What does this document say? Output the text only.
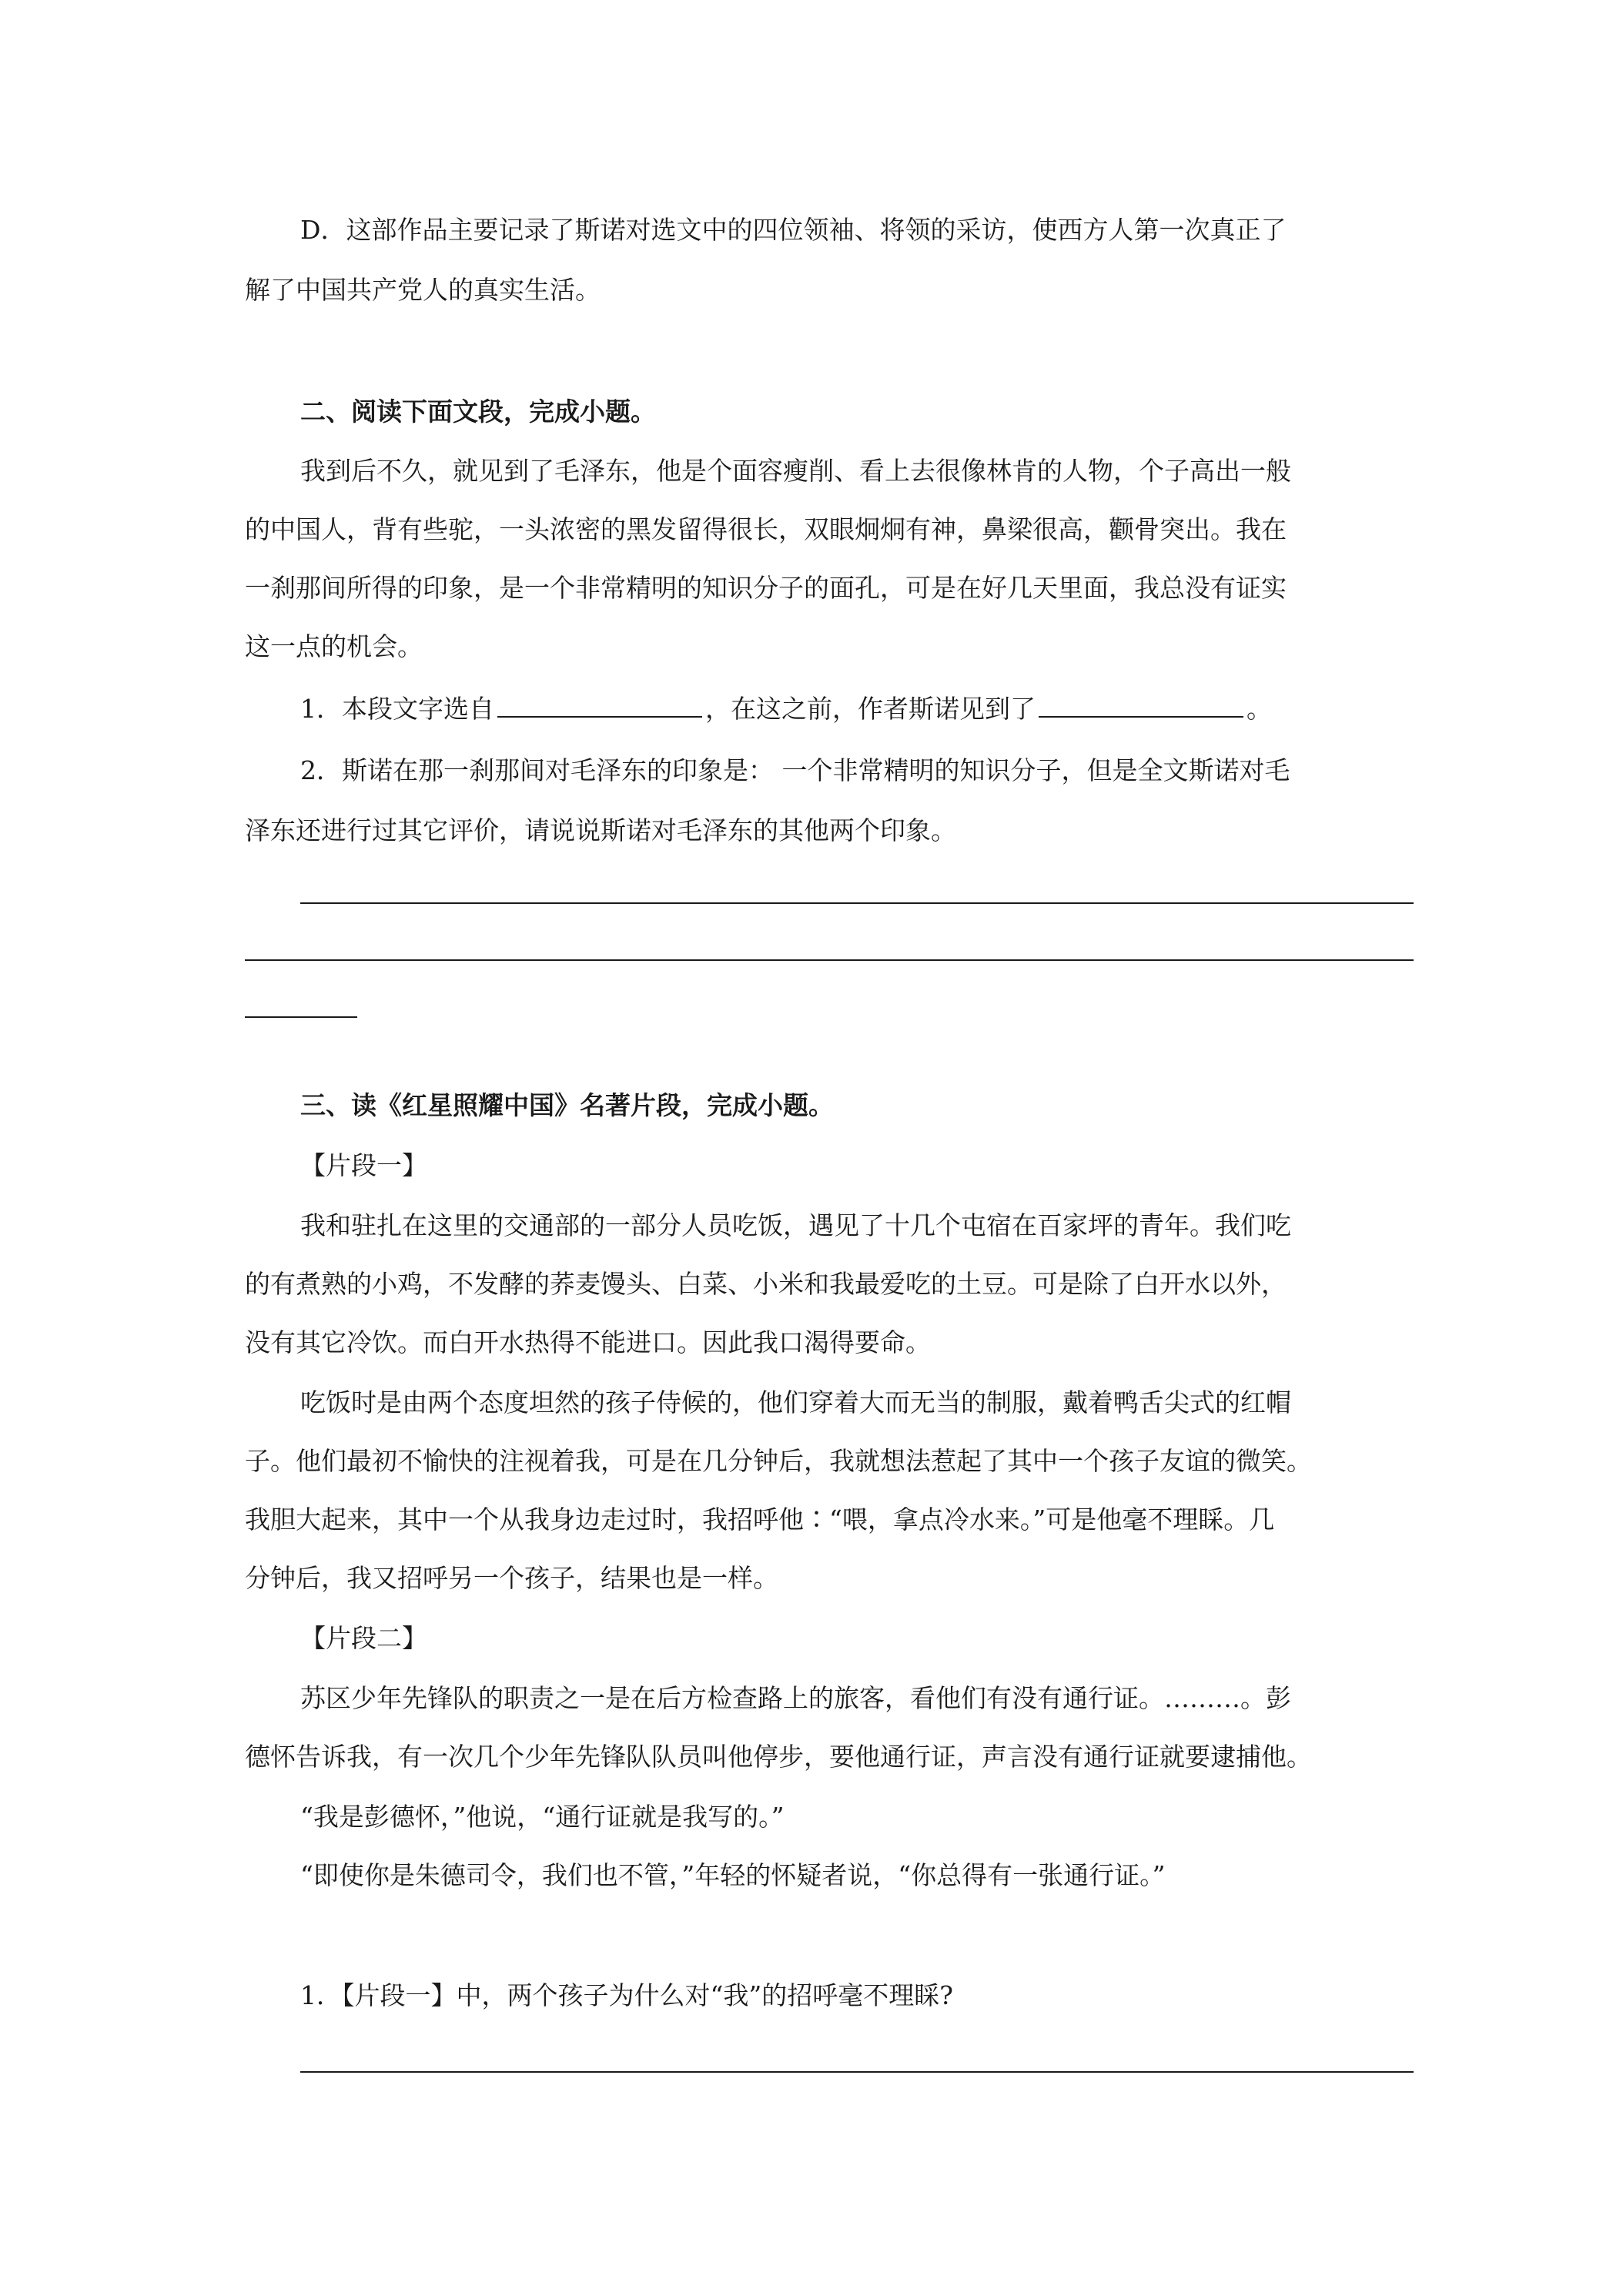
D．这部作品主要记录了斯诺对选文中的四位领袖、将领的采访，使西方人第一次真正了
解了中国共产党人的真实生活。
二、阅读下面文段，完成小题。
我到后不久，就见到了毛泽东，他是个面容瘦削、看上去很像林肯的人物，个子高出一般
的中国人，背有些驼，一头浓密的黑发留得很长，双眼炯炯有神，鼻梁很高，颧骨突出。我在
一刹那间所得的印象，是一个非常精明的知识分子的面孔，可是在好几天里面，我总没有证实
这一点的机会。
1．本段文字选自	，在这之前，作者斯诺见到了	。
2．斯诺在那一刹那间对毛泽东的印象是： 一个非常精明的知识分子，但是全文斯诺对毛
泽东还进行过其它评价，请说说斯诺对毛泽东的其他两个印象。
三、读《红星照耀中国》名著片段，完成小题。
【片段一】
我和驻扎在这里的交通部的一部分人员吃饭，遇见了十几个屯宿在百家坪的青年。我们吃
的有煮熟的小鸡，不发酵的荞麦馒头、白菜、小米和我最爱吃的土豆。可是除了白开水以外，
没有其它冷饮。而白开水热得不能进口。因此我口渴得要命。
吃饭时是由两个态度坦然的孩子侍候的，他们穿着大而无当的制服，戴着鸭舌尖式的红帽
子。他们最初不愉快的注视着我，可是在几分钟后，我就想法惹起了其中一个孩子友谊的微笑。
我胆大起来，其中一个从我身边走过时，我招呼他∶“喂，拿点冷水来。”可是他毫不理睬。几
分钟后，我又招呼另一个孩子，结果也是一样。
【片段二】
苏区少年先锋队的职责之一是在后方检查路上的旅客，看他们有没有通行证。………。彭
德怀告诉我，有一次几个少年先锋队队员叫他停步，要他通行证，声言没有通行证就要逮捕他。
“我是彭德怀，”他说，“通行证就是我写的。”
“即使你是朱德司令，我们也不管，”年轻的怀疑者说，“你总得有一张通行证。”
1．【片段一】中，两个孩子为什么对“我”的招呼毫不理睬?
